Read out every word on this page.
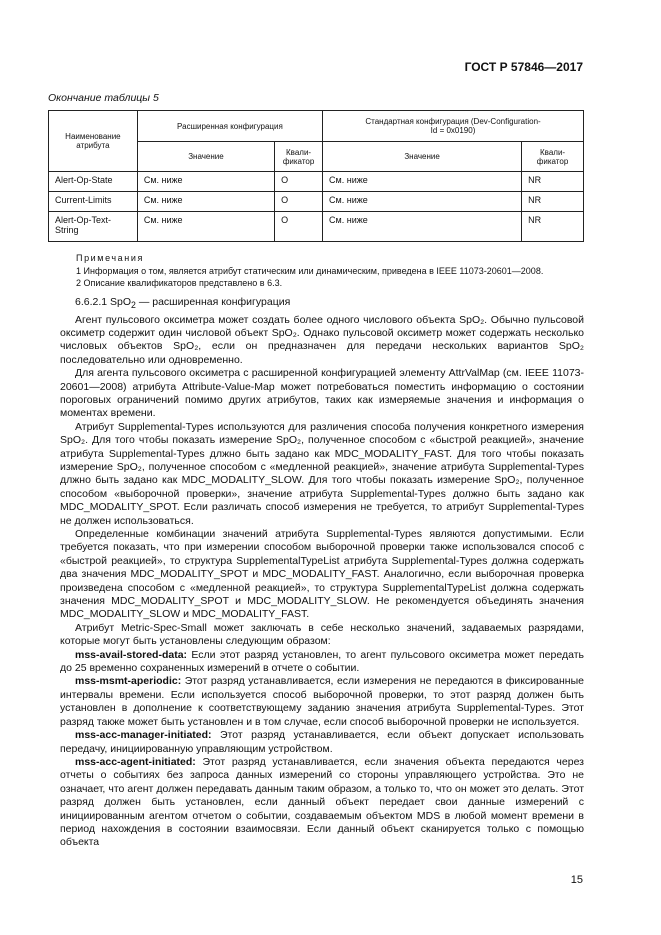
ГОСТ Р 57846—2017
Окончание таблицы 5
Наименование атрибута	Расширенная конфигурация		Стандартная конфигурация (Dev-Configuration-Id = 0x0190)	
	Значение	Квали-фикатор	Значение	Квали-фикатор
Alert-Op-State	См. ниже	O	См. ниже	NR
Current-Limits	См. ниже	O	См. ниже	NR
Alert-Op-Text-String	См. ниже	O	См. ниже	NR
Примечания
1 Информация о том, является атрибут статическим или динамическим, приведена в IEEE 11073-20601—2008.
2 Описание квалификаторов представлено в 6.3.

6.6.2.1 SpO$_2$ — расширенная конфигурация

Агент пульсового оксиметра может создать более одного числового объекта SpO₂. Обычно пульсовой оксиметр содержит один числовой объект SpO₂. Однако пульсовой оксиметр может содержать несколько числовых объектов SpO₂, если он предназначен для передачи нескольких вариантов SpO₂ последовательно или одновременно.

Для агента пульсового оксиметра с расширенной конфигурацией элементу AttrValMap (см. IEEE 11073-20601—2008) атрибута Attribute-Value-Map может потребоваться поместить информацию о состоянии пороговых ограничений помимо других атрибутов, таких как измеряемые значения и информация о моментах времени.

Атрибут Supplemental-Types используются для различения способа получения конкретного измерения SpO₂. Для того чтобы показать измерение SpO₂, полученное способом с «быстрой реакцией», значение атрибута Supplemental-Types длжно быть задано как MDC_MODALITY_FAST. Для того чтобы показать измерение SpO₂, полученное способом с «медленной реакцией», значение атрибута Supplemental-Types длжно быть задано как MDC_MODALITY_SLOW. Для того чтобы показать измерение SpO₂, полученное способом «выборочной проверки», значение атрибута Supplemental-Types должно быть задано как MDC_MODALITY_SPOT. Если различать способ измерения не требуется, то атрибут Supplemental-Types не должен использоваться.

Определенные комбинации значений атрибута Supplemental-Types являются допустимыми. Если требуется показать, что при измерении способом выборочной проверки также использовался способ с «быстрой реакцией», то структура SupplementalTypeList атрибута Supplemental-Types должна содержать два значения MDC_MODALITY_SPOT и MDC_MODALITY_FAST. Аналогично, если выборочная проверка произведена способом с «медленной реакцией», то структура SupplementalTypeList должна содержать значения MDC_MODALITY_SPOT и MDC_MODALITY_SLOW. Не рекомендуется объединять значения MDC_MODALITY_SLOW и MDC_MODALITY_FAST.

Атрибут Metric-Spec-Small может заключать в себе несколько значений, задаваемых разрядами, которые могут быть установлены следующим образом:

mss-avail-stored-data: Если этот разряд установлен, то агент пульсового оксиметра может передать до 25 временно сохраненных измерений в отчете о событии.

mss-msmt-aperiodic: Этот разряд устанавливается, если измерения не передаются в фиксированные интервалы времени. Если используется способ выборочной проверки, то этот разряд должен быть установлен в дополнение к соответствующему заданию значения атрибута Supplemental-Types. Этот разряд также может быть установлен и в том случае, если способ выборочной проверки не используется.

mss-acc-manager-initiated: Этот разряд устанавливается, если объект допускает использовать передачу, инициированную управляющим устройством.

mss-acc-agent-initiated: Этот разряд устанавливается, если значения объекта передаются через отчеты о событиях без запроса данных измерений со стороны управляющего устройства. Это не означает, что агент должен передавать данным таким образом, а только то, что он может это делать. Этот разряд должен быть установлен, если данный объект передает свои данные измерений с инициированным агентом отчетом о событии, создаваемым объектом MDS в любой момент времени в период нахождения в состоянии взаимосвязи. Если данный объект сканируется только с помощью объекта

15
